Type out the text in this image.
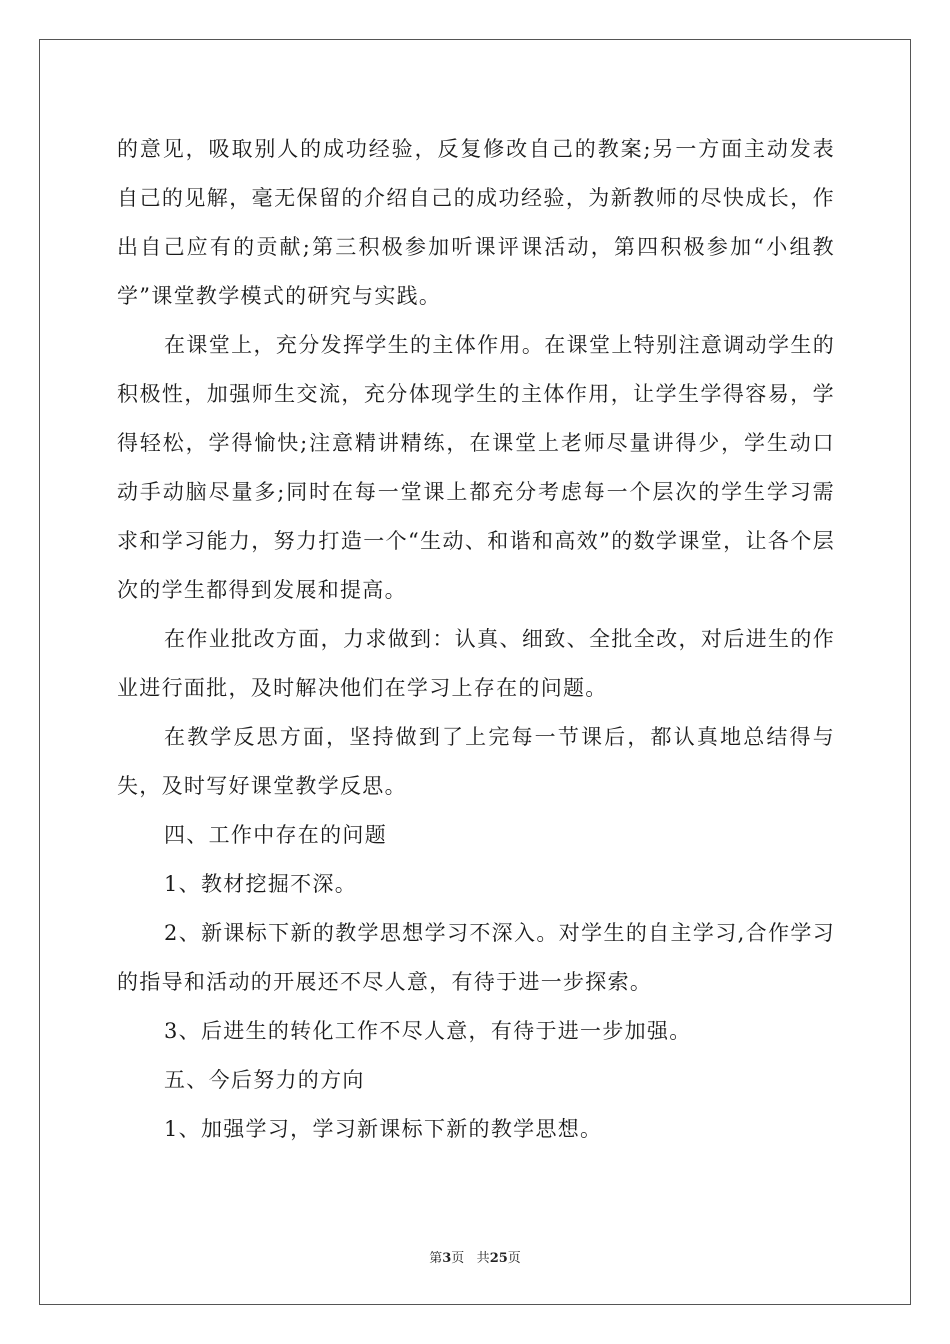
的意见，吸取别人的成功经验，反复修改自己的教案;另一方面主动发表自己的见解，毫无保留的介绍自己的成功经验，为新教师的尽快成长，作出自己应有的贡献;第三积极参加听课评课活动，第四积极参加“小组教学”课堂教学模式的研究与实践。

在课堂上，充分发挥学生的主体作用。在课堂上特别注意调动学生的积极性，加强师生交流，充分体现学生的主体作用，让学生学得容易，学得轻松，学得愉快;注意精讲精练，在课堂上老师尽量讲得少，学生动口动手动脑尽量多;同时在每一堂课上都充分考虑每一个层次的学生学习需求和学习能力，努力打造一个“生动、和谐和高效”的数学课堂，让各个层次的学生都得到发展和提高。

在作业批改方面，力求做到：认真、细致、全批全改，对后进生的作业进行面批，及时解决他们在学习上存在的问题。

在教学反思方面，坚持做到了上完每一节课后，都认真地总结得与失，及时写好课堂教学反思。

四、工作中存在的问题

1、教材挖掘不深。

2、新课标下新的教学思想学习不深入。对学生的自主学习,合作学习的指导和活动的开展还不尽人意，有待于进一步探索。

3、后进生的转化工作不尽人意，有待于进一步加强。

五、今后努力的方向

1、加强学习，学习新课标下新的教学思想。

第3页 共25页
